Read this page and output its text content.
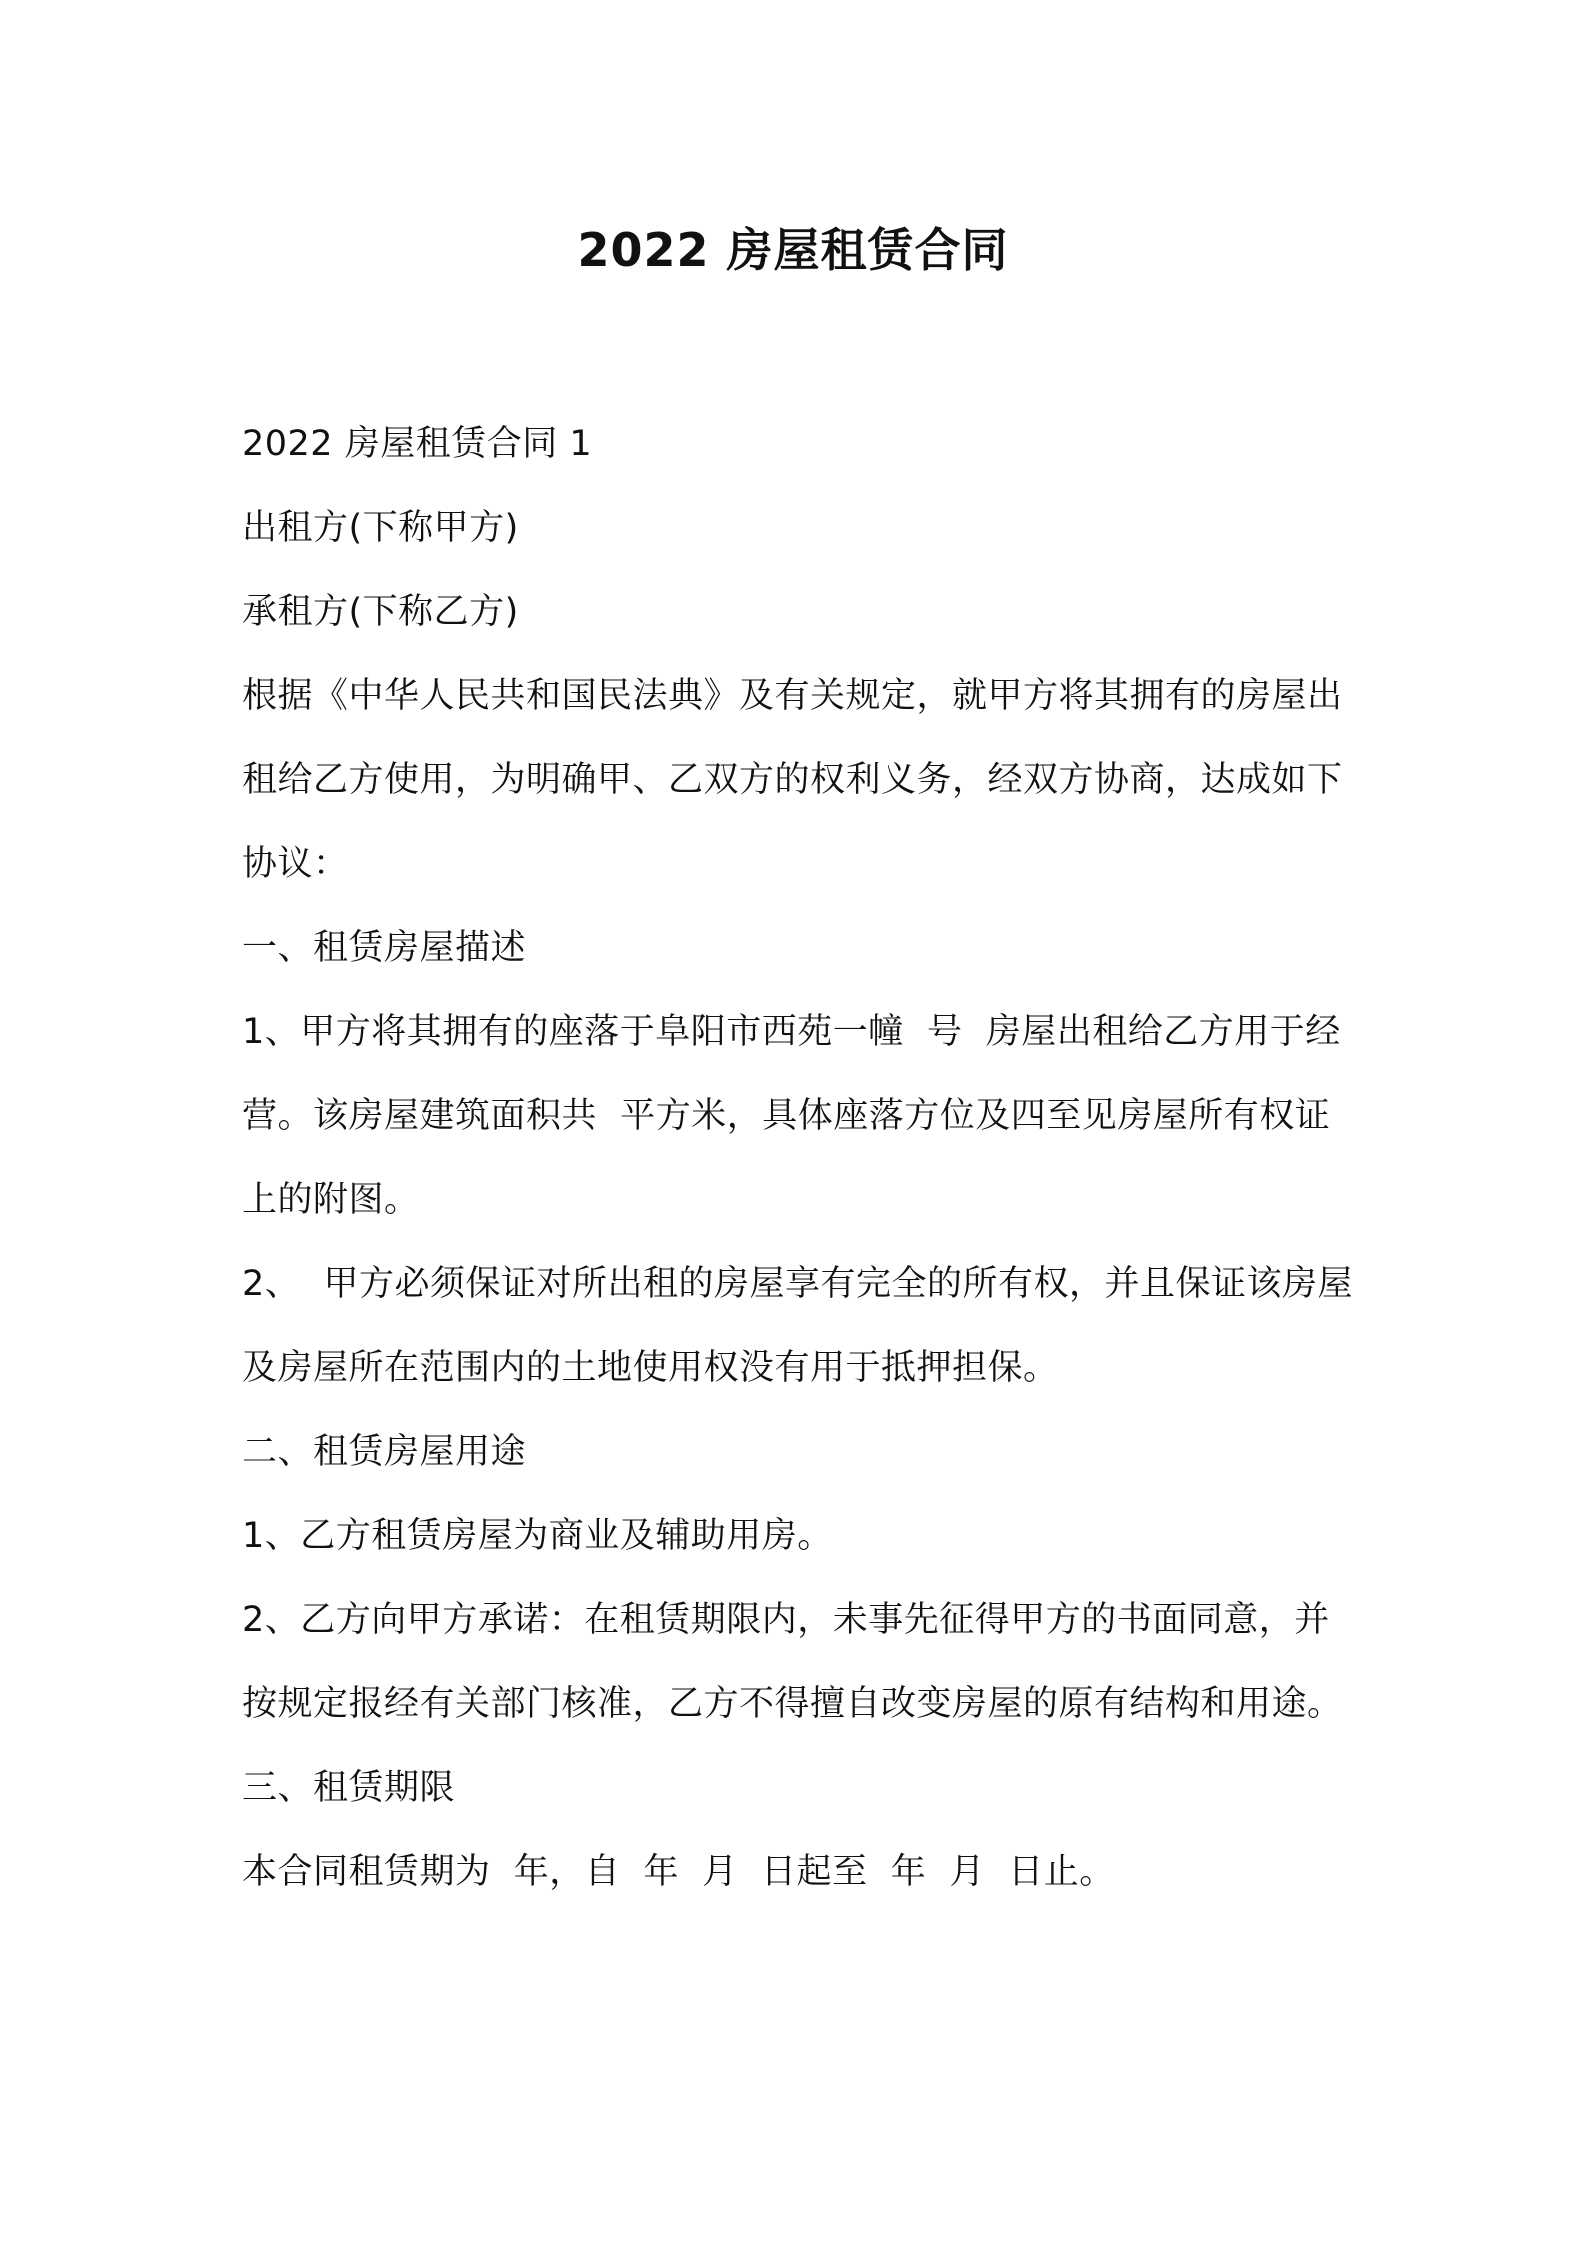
2022 房屋租赁合同

2022 房屋租赁合同 1

出租方(下称甲方)

承租方(下称乙方)

根据《中华人民共和国民法典》及有关规定，就甲方将其拥有的房屋出租给乙方使用，为明确甲、乙双方的权利义务，经双方协商，达成如下协议：

一、租赁房屋描述

1、甲方将其拥有的座落于阜阳市西苑一幢  号  房屋出租给乙方用于经营。该房屋建筑面积共  平方米，具体座落方位及四至见房屋所有权证上的附图。

2、  甲方必须保证对所出租的房屋享有完全的所有权，并且保证该房屋及房屋所在范围内的土地使用权没有用于抵押担保。

二、租赁房屋用途

1、乙方租赁房屋为商业及辅助用房。

2、乙方向甲方承诺：在租赁期限内，未事先征得甲方的书面同意，并按规定报经有关部门核准，乙方不得擅自改变房屋的原有结构和用途。

三、租赁期限

本合同租赁期为  年，自  年  月  日起至  年  月  日止。
